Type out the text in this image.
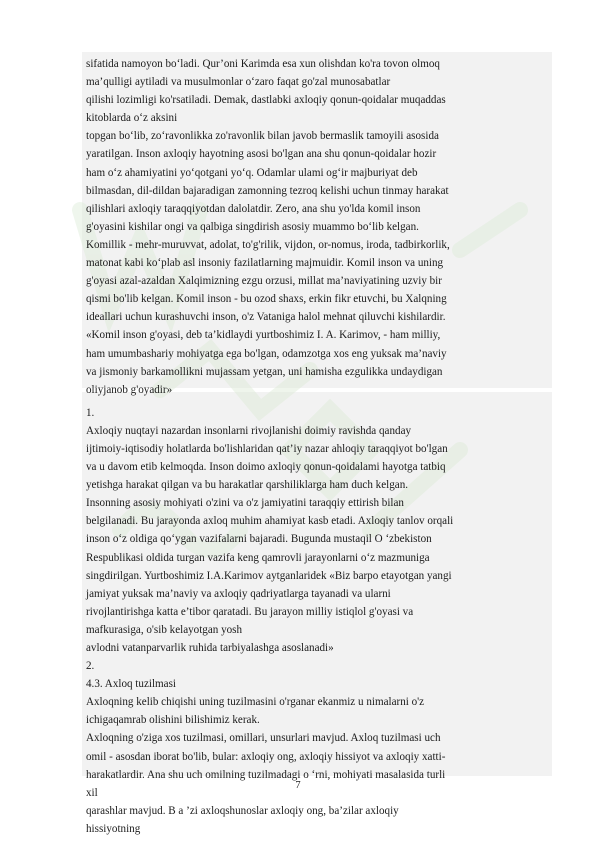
sifatida namoyon bo‘ladi. Qur’oni Karimda esa xun olishdan ko'ra tovon olmoq
ma’qulligi aytiladi va musulmonlar o‘zaro faqat go'zal munosabatlar
qilishi lozimligi ko'rsatiladi. Demak, dastlabki axloqiy qonun-qoidalar muqaddas
kitoblarda o‘z aksini
topgan bo‘lib, zo‘ravonlikka zo'ravonlik bilan javob bermaslik tamoyili asosida
yaratilgan. Inson axloqiy hayotning asosi bo'lgan ana shu qonun-qoidalar hozir
ham o‘z ahamiyatini yo‘qotgani yo‘q. Odamlar ulami og‘ir majburiyat deb
bilmasdan, dil-dildan bajaradigan zamonning tezroq kelishi uchun tinmay harakat
qilishlari axloqiy taraqqiyotdan dalolatdir. Zero, ana shu yo'lda komil inson
g'oyasini kishilar ongi va qalbiga singdirish asosiy muammo bo‘lib kelgan.
Komillik - mehr-muruvvat, adolat, to'g'rilik, vijdon, or-nomus, iroda, tadbirkorlik,
matonat kabi ko‘plab asl insoniy fazilatlarning majmuidir. Komil inson va uning
g'oyasi azal-azaldan Xalqimizning ezgu orzusi, millat ma’naviyatining uzviy bir
qismi bo'lib kelgan. Komil inson - bu ozod shaxs, erkin fikr etuvchi, bu Xalqning
ideallari uchun kurashuvchi inson, o'z Vataniga halol mehnat qiluvchi kishilardir.
«Komil inson g'oyasi, deb ta’kidlaydi yurtboshimiz I. A. Karimov, - ham milliy,
ham umumbashariy mohiyatga ega bo'lgan, odamzotga xos eng yuksak ma’naviy
va jismoniy barkamollikni mujassam yetgan, uni hamisha ezgulikka undaydigan
oliyjanob g'oyadir»
1.
Axloqiy nuqtayi nazardan insonlarni rivojlanishi doimiy ravishda qanday
ijtimoiy-iqtisodiy holatlarda bo'lishlaridan qat’iy nazar ahloqiy taraqqiyot bo'lgan
va u davom etib kelmoqda. Inson doimo axloqiy qonun-qoidalami hayotga tatbiq
yetishga harakat qilgan va bu harakatlar qarshiliklarga ham duch kelgan.
Insonning asosiy mohiyati o'zini va o'z jamiyatini taraqqiy ettirish bilan
belgilanadi. Bu jarayonda axloq muhim ahamiyat kasb etadi. Axloqiy tanlov orqali
inson o‘z oldiga qo‘ygan vazifalarni bajaradi. Bugunda mustaqil O ‘zbekiston
Respublikasi oldida turgan vazifa keng qamrovli jarayonlarni o‘z mazmuniga
singdirilgan. Yurtboshimiz I.A.Karimov aytganlaridek «Biz barpo etayotgan yangi
jamiyat yuksak ma’naviy va axloqiy qadriyatlarga tayanadi va ularni
rivojlantirishga katta e’tibor qaratadi. Bu jarayon milliy istiqlol g'oyasi va
mafkurasiga, o'sib kelayotgan yosh
avlodni vatanparvarlik ruhida tarbiyalashga asoslanadi»
2.
4.3. Axloq tuzilmasi
Axloqning kelib chiqishi uning tuzilmasini o'rganar ekanmiz u nimalarni o'z
ichigaqamrab olishini bilishimiz kerak.
Axloqning o'ziga xos tuzilmasi, omillari, unsurlari mavjud. Axloq tuzilmasi uch
omil - asosdan iborat bo'lib, bular: axloqiy ong, axloqiy hissiyot va axloqiy xatti-
harakatlardir. Ana shu uch omilning tuzilmadagi o ‘rni, mohiyati masalasida turli
xil
qarashlar mavjud. B a ’zi axloqshunoslar axloqiy ong, ba’zilar axloqiy
hissiyotning
7
